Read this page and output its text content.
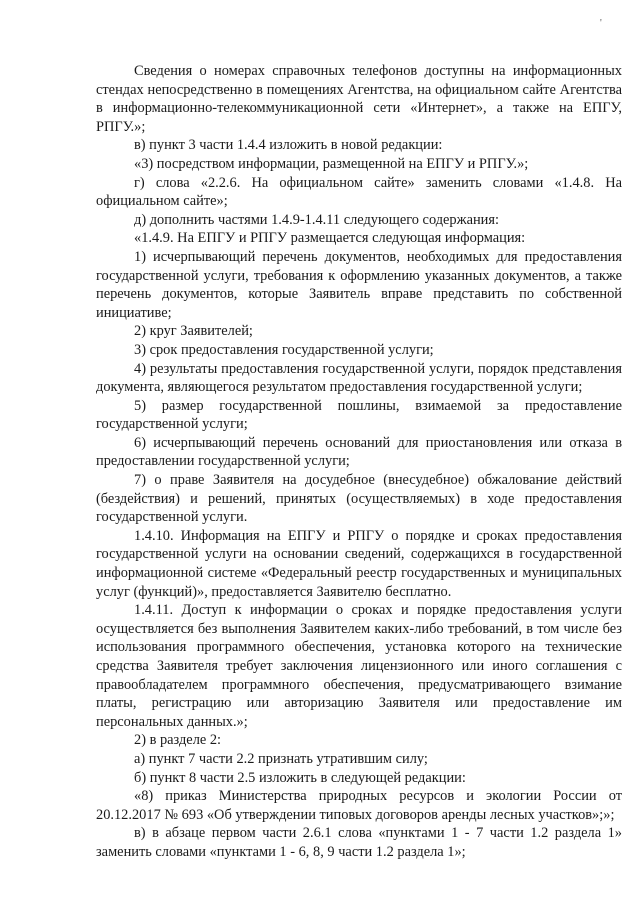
'

Сведения о номерах справочных телефонов доступны на информационных стендах непосредственно в помещениях Агентства, на официальном сайте Агентства в информационно-телекоммуникационной сети «Интернет», а также на ЕПГУ, РПГУ.»;

в) пункт 3 части 1.4.4 изложить в новой редакции:

«3) посредством информации, размещенной на ЕПГУ и РПГУ.»;

г) слова «2.2.6. На официальном сайте» заменить словами «1.4.8. На официальном сайте»;

д) дополнить частями 1.4.9-1.4.11 следующего содержания:

«1.4.9. На ЕПГУ и РПГУ размещается следующая информация:

1) исчерпывающий перечень документов, необходимых для предоставления государственной услуги, требования к оформлению указанных документов, а также перечень документов, которые Заявитель вправе представить по собственной инициативе;

2) круг Заявителей;

3) срок предоставления государственной услуги;

4) результаты предоставления государственной услуги, порядок представления документа, являющегося результатом предоставления государственной услуги;

5) размер государственной пошлины, взимаемой за предоставление государственной услуги;

6) исчерпывающий перечень оснований для приостановления или отказа в предоставлении государственной услуги;

7) о праве Заявителя на досудебное (внесудебное) обжалование действий (бездействия) и решений, принятых (осуществляемых) в ходе предоставления государственной услуги.

1.4.10. Информация на ЕПГУ и РПГУ о порядке и сроках предоставления государственной услуги на основании сведений, содержащихся в государственной информационной системе «Федеральный реестр государственных и муниципальных услуг (функций)», предоставляется Заявителю бесплатно.

1.4.11. Доступ к информации о сроках и порядке предоставления услуги осуществляется без выполнения Заявителем каких-либо требований, в том числе без использования программного обеспечения, установка которого на технические средства Заявителя требует заключения лицензионного или иного соглашения с правообладателем программного обеспечения, предусматривающего взимание платы, регистрацию или авторизацию Заявителя или предоставление им персональных данных.»;

2) в разделе 2:

а) пункт 7 части 2.2 признать утратившим силу;

б) пункт 8 части 2.5 изложить в следующей редакции:

«8) приказ Министерства природных ресурсов и экологии России от 20.12.2017 № 693 «Об утверждении типовых договоров аренды лесных участков»;»;

в) в абзаце первом части 2.6.1 слова «пунктами 1 - 7 части 1.2 раздела 1» заменить словами «пунктами 1 - 6, 8, 9 части 1.2 раздела 1»;
